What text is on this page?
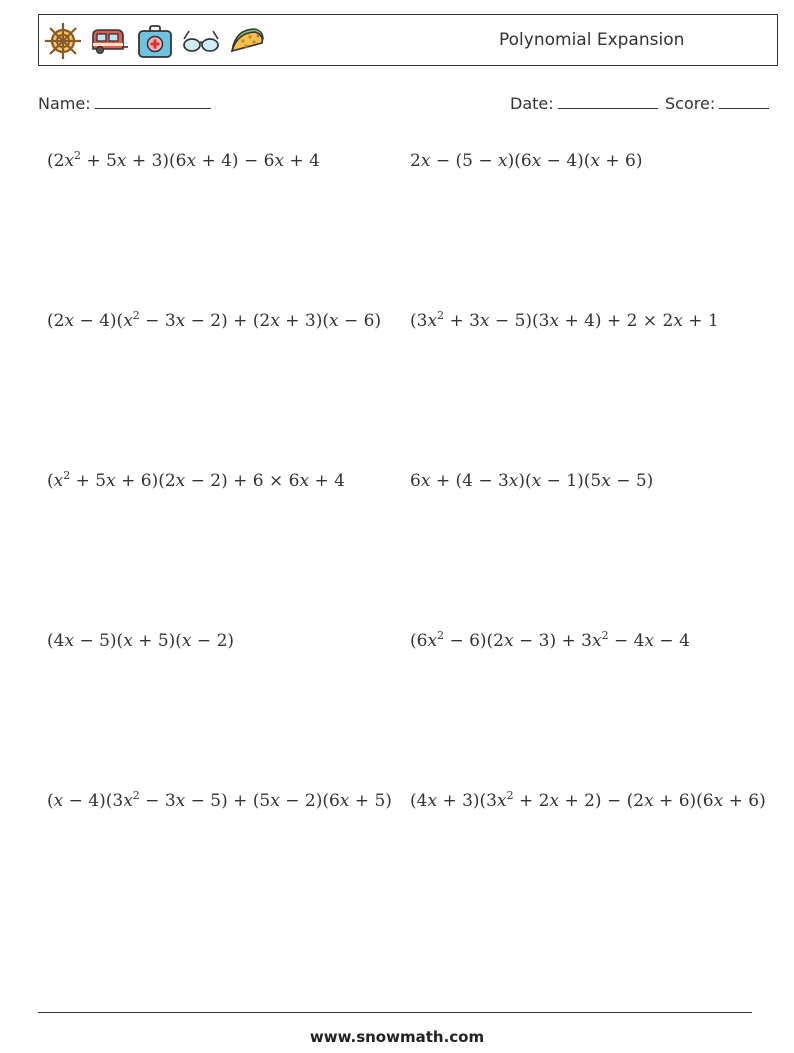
Polynomial Expansion
Name:	Date:	Score:
$(2x^2 + 5x + 3)(6x + 4) - 6x + 4$	2x − (5 − x)(6x − 4)(x + 6)
$(2x - 4)(x^2 - 3x - 2) + (2x + 3)(x - 6)$ $(3x^2 + 3x - 5)(3x + 4) + 2 \times 2x + 1$
$(x^2 + 5x + 6)(2x - 2) + 6 \times 6x + 4$	6x + (4 − 3x)(x − 1)(5x − 5)
(4x − 5)(x + 5)(x − 2)	$(6x^2 - 6)(2x - 3) + 3x^2 - 4x - 4$
$(x - 4)(3x^2 - 3x - 5) + (5x - 2)(6x + 5)$ $(4x + 3)(3x^2 + 2x + 2) - (2x + 6)(6x + 6)$
www.snowmath.com
